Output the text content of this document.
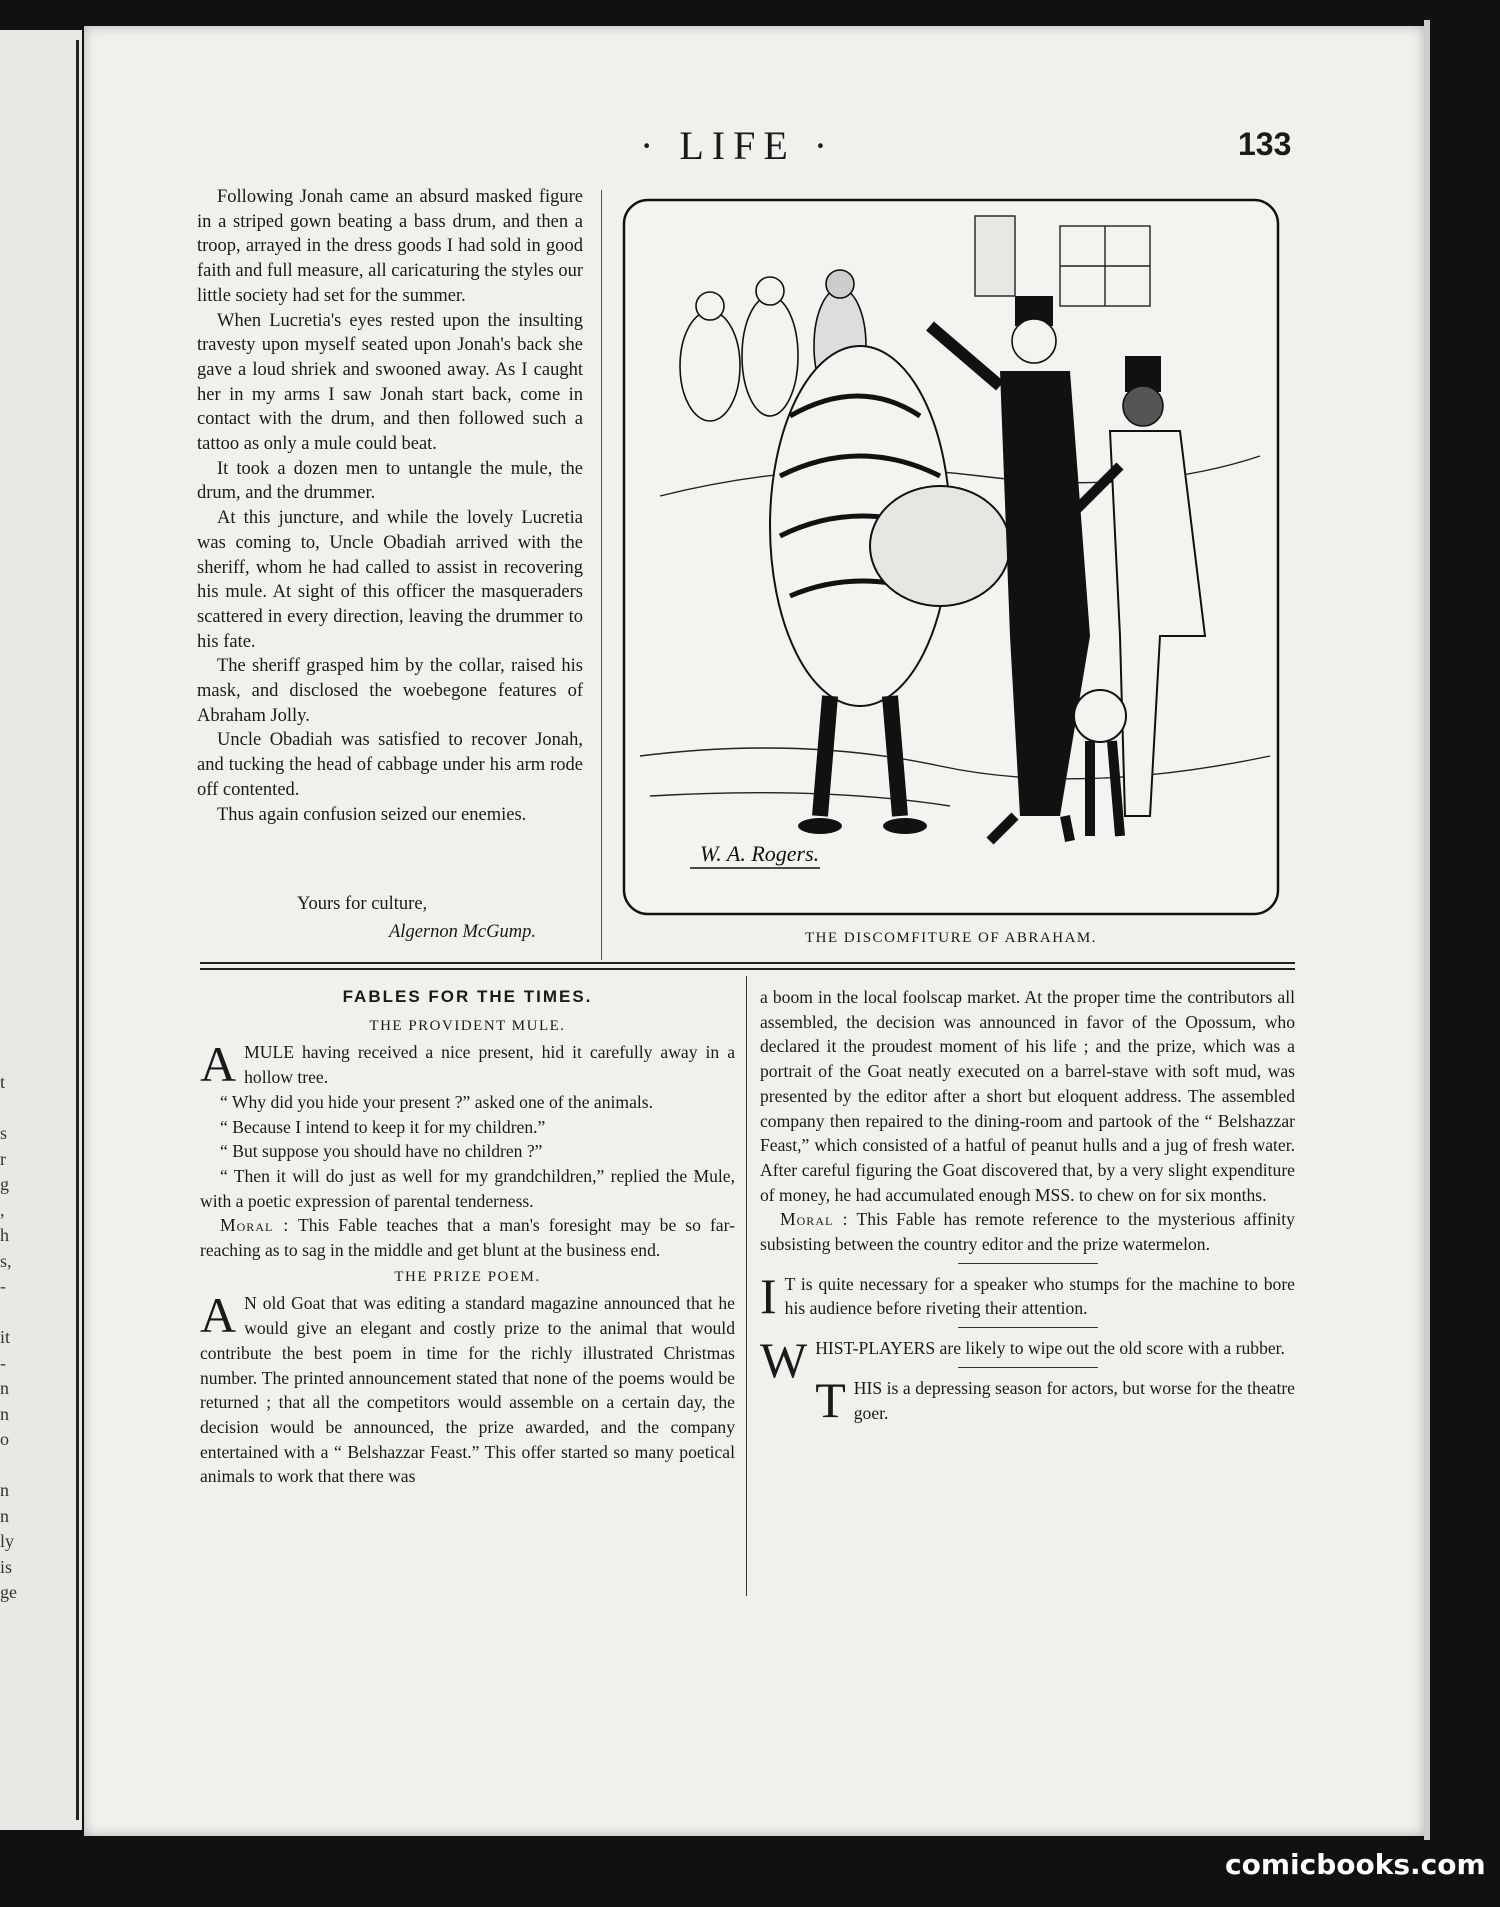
t
s
r
g
,
h
s,
-
it
-
n
n
o
n
n
ly
is
ge
· LIFE ·	133

Following Jonah came an absurd masked figure in a striped gown beating a bass drum, and then a troop, arrayed in the dress goods I had sold in good faith and full measure, all caricaturing the styles our little society had set for the summer.

When Lucretia's eyes rested upon the insulting travesty upon myself seated upon Jonah's back she gave a loud shriek and swooned away. As I caught her in my arms I saw Jonah start back, come in contact with the drum, and then followed such a tattoo as only a mule could beat.

It took a dozen men to untangle the mule, the drum, and the drummer.

At this juncture, and while the lovely Lucretia was coming to, Uncle Obadiah arrived with the sheriff, whom he had called to assist in recovering his mule. At sight of this officer the masqueraders scattered in every direction, leaving the drummer to his fate.

The sheriff grasped him by the collar, raised his mask, and disclosed the woebegone features of Abraham Jolly.

Uncle Obadiah was satisfied to recover Jonah, and tucking the head of cabbage under his arm rode off contented.

Thus again confusion seized our enemies.

Yours for culture,
Algernon McGump.
W. A. Rogers.
THE DISCOMFITURE OF ABRAHAM.

FABLES FOR THE TIMES.

THE PROVIDENT MULE.

AMULE having received a nice present, hid it carefully away in a hollow tree.

“ Why did you hide your present ?” asked one of the animals.

“ Because I intend to keep it for my children.”

“ But suppose you should have no children ?”

“ Then it will do just as well for my grandchildren,” replied the Mule, with a poetic expression of parental tenderness.

Moral : This Fable teaches that a man's foresight may be so far-reaching as to sag in the middle and get blunt at the business end.

THE PRIZE POEM.

A N old Goat that was editing a standard magazine announced that he would give an elegant and costly prize to the animal that would contribute the best poem in time for the richly illustrated Christmas number. The printed announcement stated that none of the poems would be returned ; that all the competitors would assemble on a certain day, the decision would be announced, the prize awarded, and the company entertained with a “ Belshazzar Feast.” This offer started so many poetical animals to work that there was

a boom in the local foolscap market. At the proper time the contributors all assembled, the decision was announced in favor of the Opossum, who declared it the proudest moment of his life ; and the prize, which was a portrait of the Goat neatly executed on a barrel-stave with soft mud, was presented by the editor after a short but eloquent address. The assembled company then repaired to the dining-room and partook of the “ Belshazzar Feast,” which consisted of a hatful of peanut hulls and a jug of fresh water. After careful figuring the Goat discovered that, by a very slight expenditure of money, he had accumulated enough MSS. to chew on for six months.

Moral : This Fable has remote reference to the mysterious affinity subsisting between the country editor and the prize watermelon.

I T is quite necessary for a speaker who stumps for the machine to bore his audience before riveting their attention.

WHIST-PLAYERS are likely to wipe out the old score with a rubber.

THIS is a depressing season for actors, but worse for the theatre goer.

comicbooks.com
